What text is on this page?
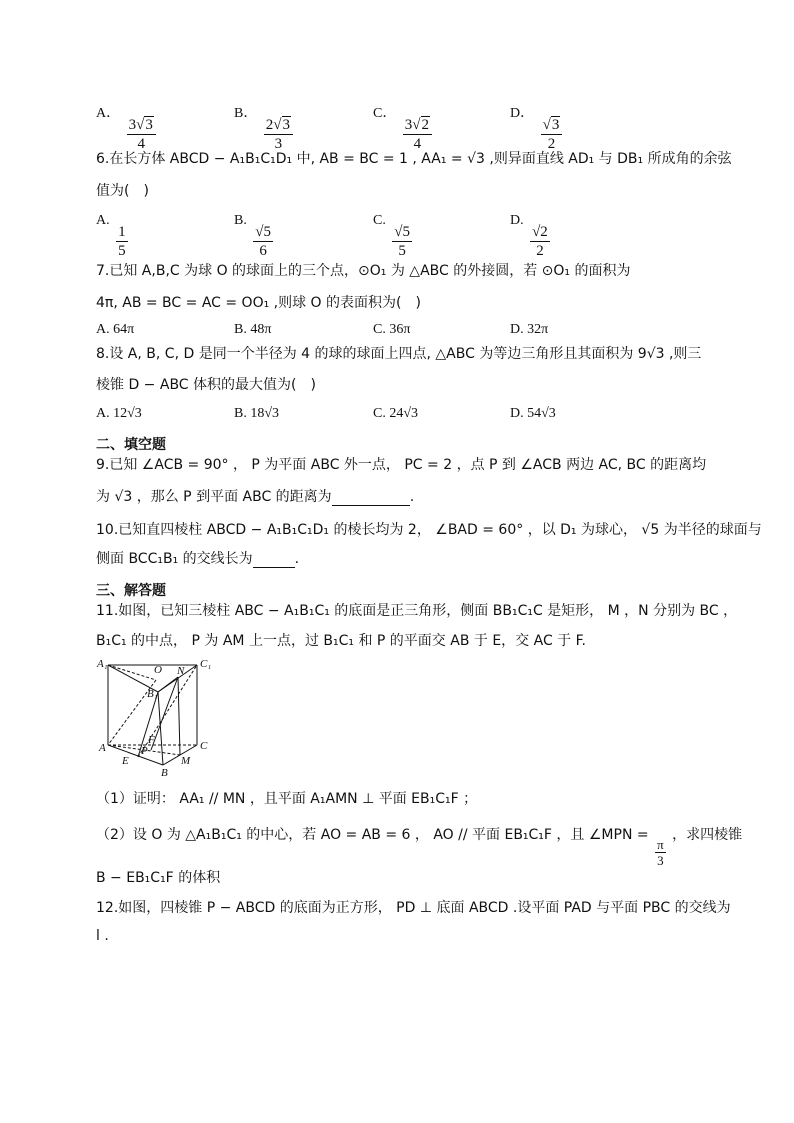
A．
$\frac{3√3}{4}$
B．
$\frac{2√3}{3}$
C．
$\frac{3√2}{4}$
D．
$\frac{√3}{2}$
6.在长方体 ABCD − A₁B₁C₁D₁ 中, AB = BC = 1 , AA₁ = √3 ,则异面直线 AD₁ 与 DB₁ 所成角的余弦
值为(　)
A.
$\frac{1}{5}$
B.
$\frac{√5}{6}$
C.
$\frac{√5}{5}$
D.
$\frac{√2}{2}$
7.已知 A,B,C 为球 O 的球面上的三个点，⊙O₁ 为 △ABC 的外接圆，若 ⊙O₁ 的面积为
4π, AB = BC = AC = OO₁ ,则球 O 的表面积为(　)
A. 64π	B. 48π	C. 36π	D. 32π
8.设 A, B, C, D 是同一个半径为 4 的球的球面上四点, △ABC 为等边三角形且其面积为 9√3 ,则三
棱锥 D − ABC 体积的最大值为(　)
A. 12√3	B. 18√3	C. 24√3	D. 54√3
二、填空题
9.已知 ∠ACB = 90° ， P 为平面 ABC 外一点， PC = 2 ，点 P 到 ∠ACB 两边 AC, BC 的距离均
为 √3 ，那么 P 到平面 ABC 的距离为	.
10.已知直四棱柱 ABCD − A₁B₁C₁D₁ 的棱长均为 2， ∠BAD = 60° ，以 D₁ 为球心， √5 为半径的球面与
侧面 BCC₁B₁ 的交线长为	.
三、解答题
11.如图，已知三棱柱 ABC − A₁B₁C₁ 的底面是正三角形，侧面 BB₁C₁C 是矩形， M ，N 分别为 BC ，
B₁C₁ 的中点， P 为 AM 上一点，过 B₁C₁ 和 P 的平面交 AB 于 E，交 AC 于 F.
A₁	C₁
O N
B₁
A	C
F
P
E	M
B
（1）证明： AA₁ // MN ，且平面 A₁AMN ⊥ 平面 EB₁C₁F ；
（2）设 O 为 △A₁B₁C₁ 的中心，若 AO = AB = 6 ， AO // 平面 EB₁C₁F ，且 ∠MPN =
$\frac{\pi}{3}$
，求四棱锥
B − EB₁C₁F 的体积
12.如图，四棱锥 P − ABCD 的底面为正方形， PD ⊥ 底面 ABCD .设平面 PAD 与平面 PBC 的交线为
l .
